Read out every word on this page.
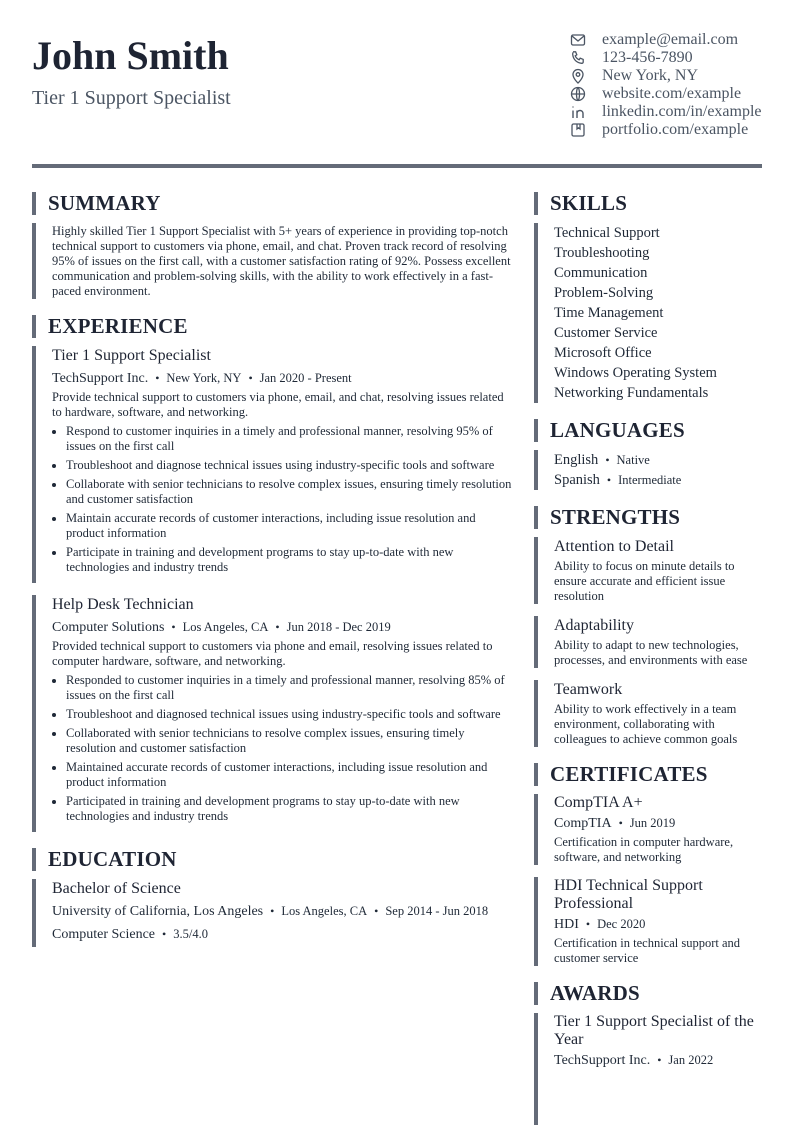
John Smith
Tier 1 Support Specialist
example@email.com
123-456-7890
New York, NY
website.com/example
linkedin.com/in/example
portfolio.com/example
SUMMARY

Highly skilled Tier 1 Support Specialist with 5+ years of experience in providing top-notch technical support to customers via phone, email, and chat. Proven track record of resolving 95% of issues on the first call, with a customer satisfaction rating of 92%. Possess excellent communication and problem-solving skills, with the ability to work effectively in a fast-paced environment.

EXPERIENCE
Tier 1 Support Specialist
TechSupport Inc. • New York, NY • Jan 2020 - Present
Provide technical support to customers via phone, email, and chat, resolving issues related to hardware, software, and networking.
• Respond to customer inquiries in a timely and professional manner, resolving 95% of issues on the first call
• Troubleshoot and diagnose technical issues using industry-specific tools and software
• Collaborate with senior technicians to resolve complex issues, ensuring timely resolution and customer satisfaction
• Maintain accurate records of customer interactions, including issue resolution and product information
• Participate in training and development programs to stay up-to-date with new technologies and industry trends
Help Desk Technician
Computer Solutions • Los Angeles, CA • Jun 2018 - Dec 2019
Provided technical support to customers via phone and email, resolving issues related to computer hardware, software, and networking.
• Responded to customer inquiries in a timely and professional manner, resolving 85% of issues on the first call
• Troubleshoot and diagnosed technical issues using industry-specific tools and software
• Collaborated with senior technicians to resolve complex issues, ensuring timely resolution and customer satisfaction
• Maintained accurate records of customer interactions, including issue resolution and product information
• Participated in training and development programs to stay up-to-date with new technologies and industry trends
EDUCATION
Bachelor of Science
University of California, Los Angeles • Los Angeles, CA • Sep 2014 - Jun 2018
Computer Science • 3.5/4.0
SKILLS
Technical Support
Troubleshooting
Communication
Problem-Solving
Time Management
Customer Service
Microsoft Office
Windows Operating System
Networking Fundamentals
LANGUAGES
English • Native
Spanish • Intermediate
STRENGTHS
Attention to Detail
Ability to focus on minute details to ensure accurate and efficient issue resolution
Adaptability
Ability to adapt to new technologies, processes, and environments with ease
Teamwork
Ability to work effectively in a team environment, collaborating with colleagues to achieve common goals
CERTIFICATES
CompTIA A+
CompTIA • Jun 2019
Certification in computer hardware, software, and networking
HDI Technical Support Professional
HDI • Dec 2020
Certification in technical support and customer service
AWARDS
Tier 1 Support Specialist of the Year
TechSupport Inc. • Jan 2022
